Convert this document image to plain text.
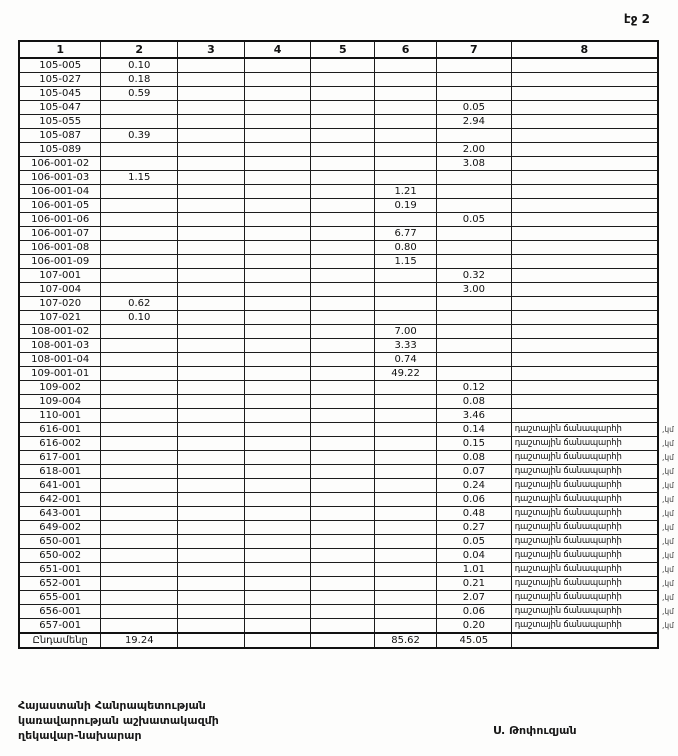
էջ 2
1	2	3	4	5	6	7	8	
105-005	0.10							
105-027	0.18							
105-045	0.59							
105-047						0.05		
105-055						2.94		
105-087	0.39							
105-089						2.00		
106-001-02						3.08		
106-001-03	1.15							
106-001-04					1.21			
106-001-05					0.19			
106-001-06						0.05		
106-001-07					6.77			
106-001-08					0.80			
106-001-09					1.15			
107-001						0.32		
107-004						3.00		
107-020	0.62							
107-021	0.10							
108-001-02					7.00			
108-001-03					3.33			
108-001-04					0.74			
109-001-01					49.22			
109-002						0.12		
109-004						0.08		
110-001						3.46		
616-001						0.14	դաշտային ճանապարհի	,կմ
616-002						0.15	դաշտային ճանապարհի	,կմ
617-001						0.08	դաշտային ճանապարհի	,կմ
618-001						0.07	դաշտային ճանապարհի	,կմ
641-001						0.24	դաշտային ճանապարհի	,կմ
642-001						0.06	դաշտային ճանապարհի	,կմ
643-001						0.48	դաշտային ճանապարհի	,կմ
649-002						0.27	դաշտային ճանապարհի	,կմ
650-001						0.05	դաշտային ճանապարհի	,կմ
650-002						0.04	դաշտային ճանապարհի	,կմ
651-001						1.01	դաշտային ճանապարհի	,կմ
652-001						0.21	դաշտային ճանապարհի	,կմ
655-001						2.07	դաշտային ճանապարհի	,կմ
656-001						0.06	դաշտային ճանապարհի	,կմ
657-001						0.20	դաշտային ճանապարհի	,կմ
Ընդամենը	19.24				85.62	45.05		
Հայաստանի Հանրապետության
կառավարության աշխատակազմի
ղեկավար-նախարար	Ս. Թոփուզյան
